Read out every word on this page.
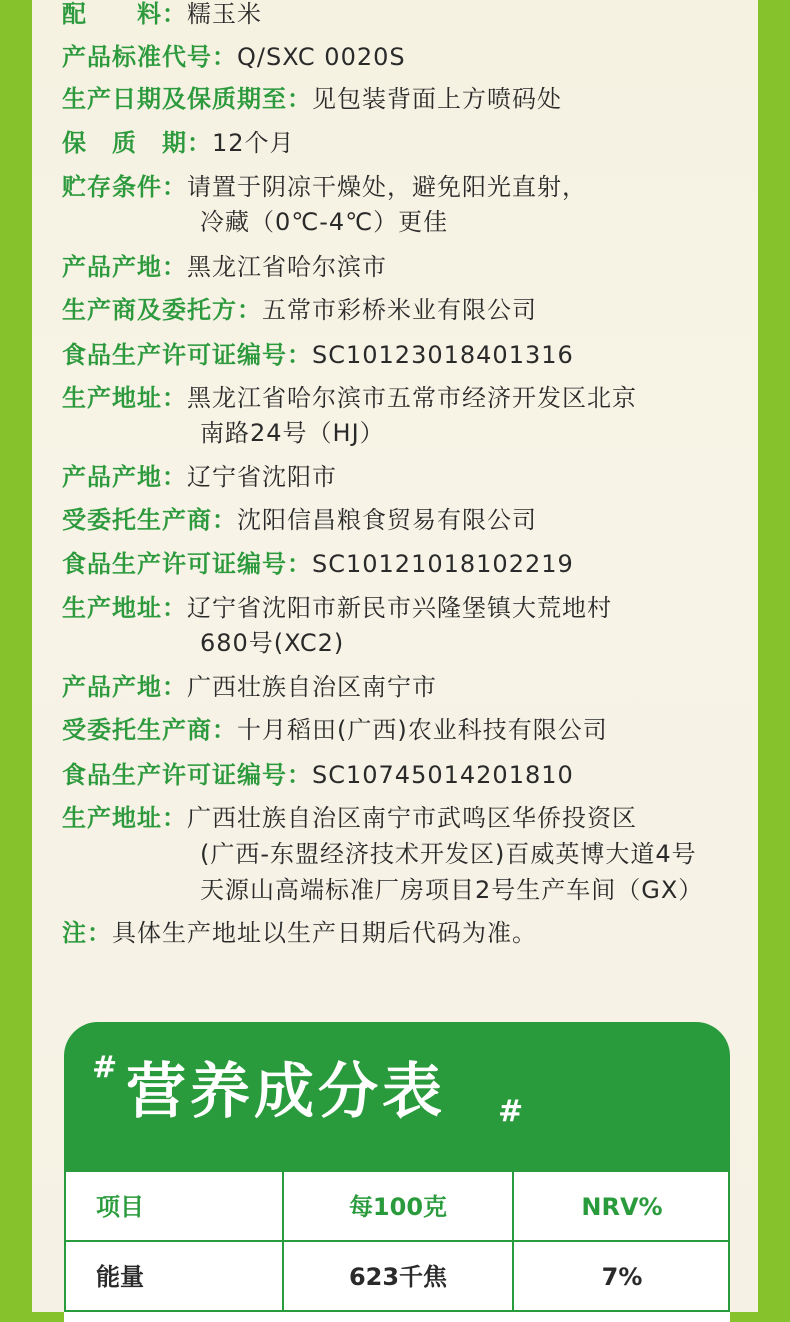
配　　料：糯玉米
产品标准代号：Q/SXC 0020S
生产日期及保质期至：见包装背面上方喷码处
保　质　期：12个月
贮存条件：请置于阴凉干燥处，避免阳光直射，
冷藏（0℃-4℃）更佳
产品产地：黑龙江省哈尔滨市
生产商及委托方：五常市彩桥米业有限公司
食品生产许可证编号：SC10123018401316
生产地址：黑龙江省哈尔滨市五常市经济开发区北京
南路24号（HJ）
产品产地：辽宁省沈阳市
受委托生产商：沈阳信昌粮食贸易有限公司
食品生产许可证编号：SC10121018102219
生产地址：辽宁省沈阳市新民市兴隆堡镇大荒地村
680号(XC2)
产品产地：广西壮族自治区南宁市
受委托生产商：十月稻田(广西)农业科技有限公司
食品生产许可证编号：SC10745014201810
生产地址：广西壮族自治区南宁市武鸣区华侨投资区
(广西-东盟经济技术开发区)百威英博大道4号
天源山高端标准厂房项目2号生产车间（GX）
注：具体生产地址以生产日期后代码为准。
# 营养成分表 #
项目	每100克	NRV%
能量	623千焦	7%
